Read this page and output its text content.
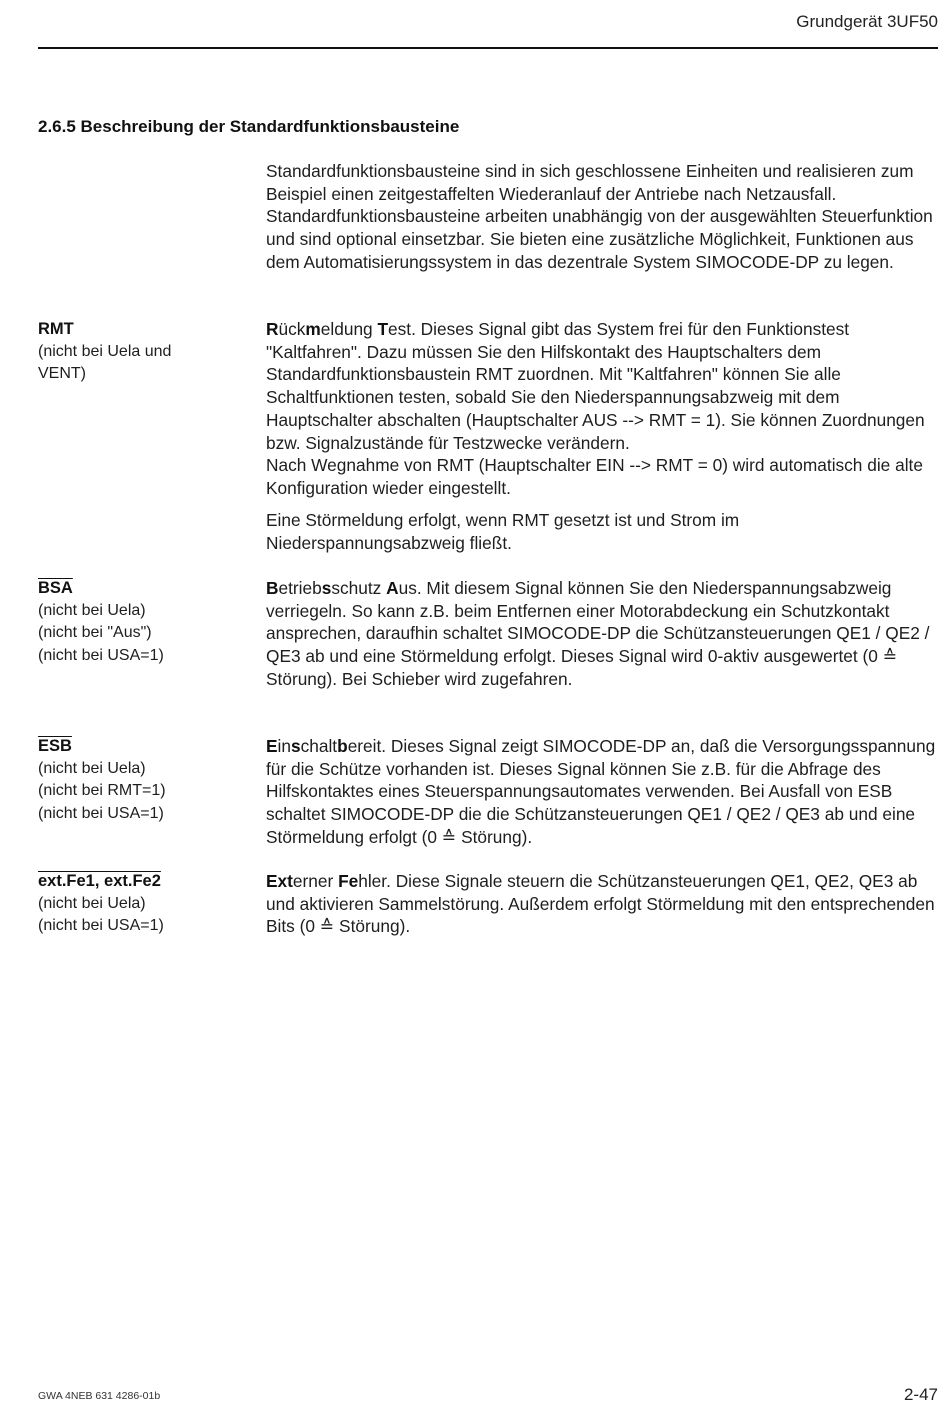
Grundgerät 3UF50
2.6.5 Beschreibung der Standardfunktionsbausteine

Standardfunktionsbausteine sind in sich geschlossene Einheiten und realisieren zum Beispiel einen zeitgestaffelten Wiederanlauf der Antriebe nach Netzausfall. Standardfunktionsbausteine arbeiten unabhängig von der ausgewählten Steuerfunktion und sind optional einsetzbar. Sie bieten eine zusätzliche Möglichkeit, Funktionen aus dem Automatisierungssystem in das dezentrale System SIMOCODE-DP zu legen.

RMT
(nicht bei Uela und
VENT)

Rückmeldung Test. Dieses Signal gibt das System frei für den Funktionstest "Kaltfahren". Dazu müssen Sie den Hilfskontakt des Hauptschalters dem Standardfunktionsbaustein RMT zuordnen. Mit "Kaltfahren" können Sie alle Schaltfunktionen testen, sobald Sie den Niederspannungsabzweig mit dem Hauptschalter abschalten (Hauptschalter AUS --> RMT = 1). Sie können Zuordnungen bzw. Signalzustände für Testzwecke verändern.
Nach Wegnahme von RMT (Hauptschalter EIN --> RMT = 0) wird automatisch die alte Konfiguration wieder eingestellt.

Eine Störmeldung erfolgt, wenn RMT gesetzt ist und Strom im Niederspannungsabzweig fließt.

$\overline{BSA}$
(nicht bei Uela)
(nicht bei "Aus")
(nicht bei USA=1)

Betriebsschutz Aus. Mit diesem Signal können Sie den Niederspannungsabzweig verriegeln. So kann z.B. beim Entfernen einer Motorabdeckung ein Schutzkontakt ansprechen, daraufhin schaltet SIMOCODE-DP die Schützansteuerungen QE1 / QE2 / QE3 ab und eine Störmeldung erfolgt. Dieses Signal wird 0-aktiv ausgewertet (0 ≙ Störung). Bei Schieber wird zugefahren.

$\overline{ESB}$
(nicht bei Uela)
(nicht bei RMT=1)
(nicht bei USA=1)

Einschaltbereit. Dieses Signal zeigt SIMOCODE-DP an, daß die Versorgungsspannung für die Schütze vorhanden ist. Dieses Signal können Sie z.B. für die Abfrage des Hilfskontaktes eines Steuerspannungsautomates verwenden. Bei Ausfall von ESB schaltet SIMOCODE-DP die die Schützansteuerungen QE1 / QE2 / QE3 ab und eine Störmeldung erfolgt (0 ≙ Störung).

ext.Fe1, ext.Fe2
(nicht bei Uela)
(nicht bei USA=1)

Externer Fehler. Diese Signale steuern die Schützansteuerungen QE1, QE2, QE3 ab und aktivieren Sammelstörung. Außerdem erfolgt Störmeldung mit den entsprechenden Bits (0 ≙ Störung).

GWA 4NEB 631 4286-01b	2-47
